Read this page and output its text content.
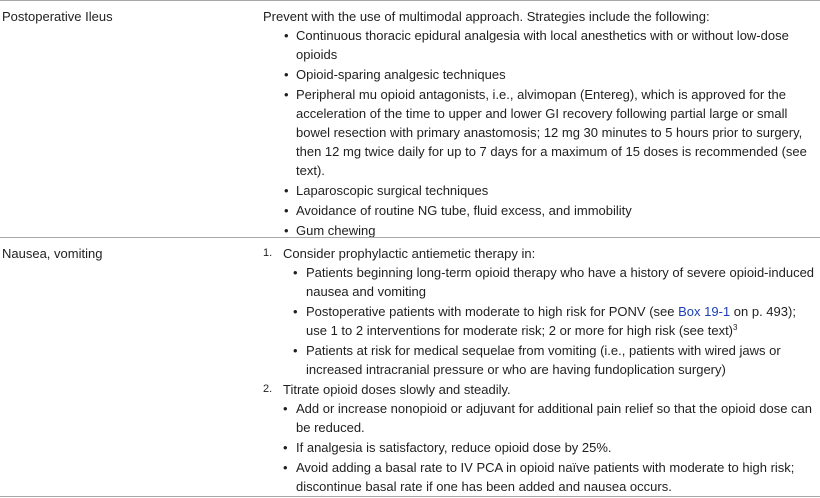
Postoperative Ileus	Prevent with the use of multimodal approach. Strategies include the following:
• Continuous thoracic epidural analgesia with local anesthetics with or without low-dose opioids
• Opioid-sparing analgesic techniques
• Peripheral mu opioid antagonists, i.e., alvimopan (Entereg), which is approved for the acceleration of the time to upper and lower GI recovery following partial large or small bowel resection with primary anastomosis; 12 mg 30 minutes to 5 hours prior to surgery, then 12 mg twice daily for up to 7 days for a maximum of 15 doses is recommended (see text).
• Laparoscopic surgical techniques
• Avoidance of routine NG tube, fluid excess, and immobility
• Gum chewing
Nausea, vomiting	1. Consider prophylactic antiemetic therapy in:
• Patients beginning long-term opioid therapy who have a history of severe opioid-induced nausea and vomiting
• Postoperative patients with moderate to high risk for PONV (see Box 19-1 on p. 493); use 1 to 2 interventions for moderate risk; 2 or more for high risk (see text)$^3$
• Patients at risk for medical sequelae from vomiting (i.e., patients with wired jaws or increased intracranial pressure or who are having fundoplication surgery)
2. Titrate opioid doses slowly and steadily.
• Add or increase nonopioid or adjuvant for additional pain relief so that the opioid dose can be reduced.
• If analgesia is satisfactory, reduce opioid dose by 25%.
• Avoid adding a basal rate to IV PCA in opioid naïve patients with moderate to high risk; discontinue basal rate if one has been added and nausea occurs.
